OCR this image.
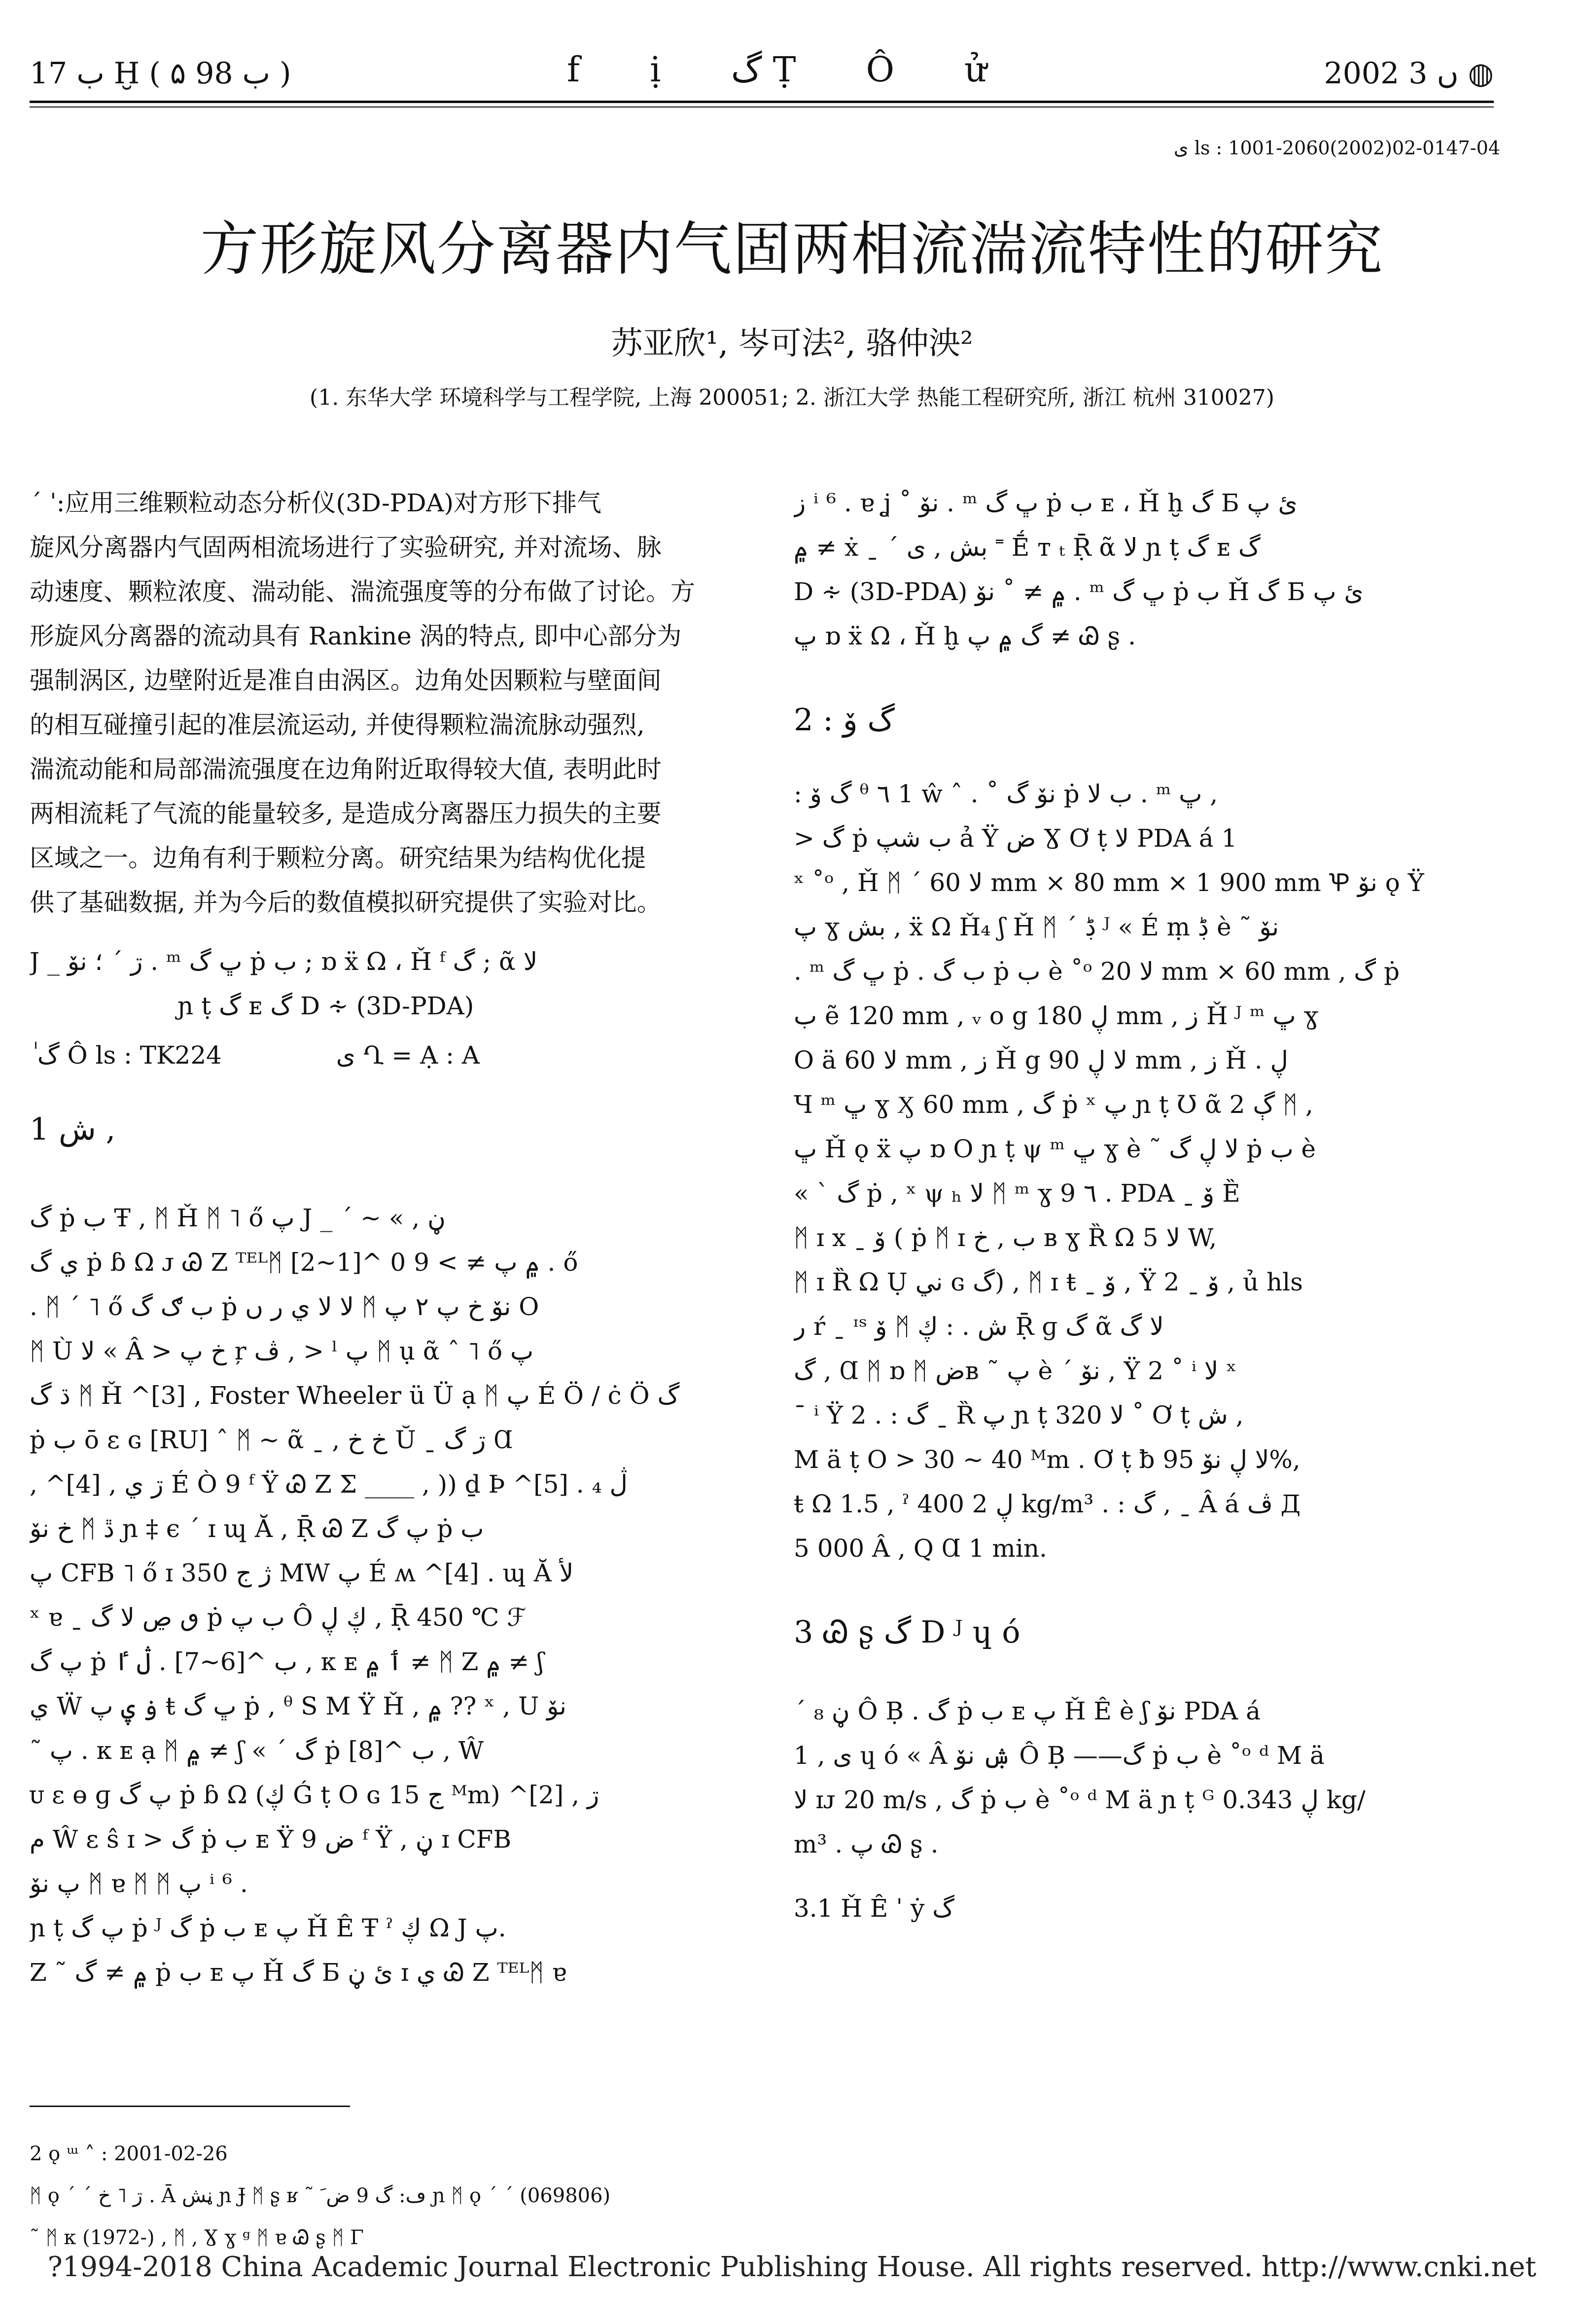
ب 17 Ḫ ( ب 98 ۵ )	f ị گ Ṭ Ô ử	2002 ں 3 ◍
ى ls : 1001-2060(2002)02-0147-04
方形旋风分离器内气固两相流湍流特性的研究
苏亚欣¹, 岑可法², 骆仲泱²
(1. 东华大学 环境科学与工程学院, 上海 200051; 2. 浙江大学 热能工程研究所, 浙江 杭州 310027)

ˊ ˈ:应用三维颗粒动态分析仪(3D-PDA)对方形下排气

旋风分离器内气固两相流场进行了实验研究, 并对流场、脉

动速度、颗粒浓度、湍动能、湍流强度等的分布做了讨论。方

形旋风分离器的流动具有 Rankine 涡的特点, 即中心部分为

强制涡区, 边壁附近是准自由涡区。边角处因颗粒与壁面间

的相互碰撞引起的准层流运动, 并使得颗粒湍流脉动强烈,

湍流动能和局部湍流强度在边角附近取得较大值, 表明此时

两相流耗了气流的能量较多, 是造成分离器压力损失的主要

区域之一。边角有利于颗粒分离。研究结果为结构优化提

供了基础数据, 并为今后的数值模拟研究提供了实验对比。

J _ ڗ ˊ ؛ نۆ . ᵐ ڀ گ ṗ ب ; ɒ ẍ Ω ، Ȟ ᶠ گ ; ᾶ ﻻ
ɲ ṭ گ ᴇ گ D ∻ (3D-PDA)
ٰ گ Ô ls : TK224	ى Ղ = Ạ : A
1 ش ,

گ ṗ ب Ŧ , ᛗ Ȟ ᛗ ˥ ő پ J _ ˊ ~ « , ڼ

ي گ ṗ ɓ Ω ᴊ Ꮚ Z ᵀᴱᴸᛗ ۾ پ ≠ > 9 0 ^[1~2] . ő

. ᛗ ˊ ˥ ő ب ګ گ ṗ ﻻ ﻻ ي ر ں ᛗ نۆ خ پ ۲ پ O

ᛗ Ù ﻻ « Â > خ پ ŗ ڤ , > ˡ پ ᛗ ụ ᾶ ˆ ˥ ő پ

ڌ گ ᛗ Ȟ ^[3] , Foster Wheeler ü Ü ạ ᛗ پ É Ö / ċ Ö گ

ṗ ب ō ɛ ɢ [RU] ˆ ᛗ ~ ᾶ ˍ , خ خ Ŭ ˍ ڗ گ Ɑ

, ^[4] , ڗ ي É Ò 9 ᶠ Ÿ Ꮚ Z Σ ____ , )) ḏ Þ ^[5] . ₄ ڷ

خ نۆ ᛗ ڐ ɲ ‡ ϵ ˊ ɪ ɰ Ă , Ṝ Ꮚ Z پ گ ṗ ب

پ CFB ˥ ő ɪ ژ ج 350 MW پ É ʍ ^[4] . ɰ Ă ﻷ

ˣ ɐ ˍ ٯ ڝ ﻻ گ ṗ ب پ Ô ڮ ڸ , Ṝ 450 ℃ ℱ

پ گ ṗ ب ^[6~7] . ڷ ٵ , ᴋ ᴇ ٲ ۾ ≠ ᛗ Z ۾ ≠ ʃ

ي Ẅ ۏ ۑ پ ŧ ڀ گ ṗ , ᶿ S M Ÿ Ȟ , ۾ ?? ˣ , U نۆ

˜ پ . ᴋ ᴇ ạ ᛗ ۾ ≠ ʃ « ˊ گ ṗ ب ^[8] , Ŵ

ᴜ ɛ ɵ ɡ پ گ ṗ ɓ Ω (ڮ Ǵ ṭ O ɢ ج 15 ᴹm) ^[2] , ڗ

ﻡ Ŵ ɛ ŝ ɪ > گ ṗ ب ᴇ Ÿ ض 9 ᶠ Ÿ , ڼ ɪ CFB

پ نۆ ᛗ ɐ ᛗ ᛗ پ ⁱ ⁶ .

ɲ ṭ پ گ ṗ ᴶ گ ṗ ب ᴇ پ Ȟ Ê Ŧ ˀ ڮ Ω J پ.

Z ˜ ۾ ≠ گ ṗ ب ᴇ پ Ȟ گ Ƃ ئ ڼ ɪ ي Ꮚ Z ᵀᴱᴸᛗ ɐ

ز ⁱ ⁶ . ɐ ʝ ˚ نۆ . ᵐ ڀ گ ṗ ب ᴇ ، Ȟ ḫ گ Ƃ ئ پ

۾ ≠ ẋ ˍ ˊ بش , ى ˭ Ḗ ᴛ ₜ Ṝ ᾶ ﻻ ɲ ṭ گ ᴇ گ

D ∻ (3D-PDA) ۾ ≠ ˚ نۆ . ᵐ ڀ گ ṗ ب Ȟ گ Ƃ ئ پ

ڀ ɒ ẍ Ω ، Ȟ ḫ گ ۾ پ ≠ Ꮚ ʂ .

2 : گ ۆ

: گ ۆ ᶿ ٦ 1 ŵ ˆ . ˚ نۆ گ ṗ ب ﻻ . ᵐ ڀ ,

> گ ṗ ب شپ ả Ÿ ض Ɣ Ơ ṭ ﻻ PDA á 1

ˣ ˚ᵒ , Ȟ ᛗ ˊ ﻻ 60 mm × 80 mm × 1 900 mm Ꝕ نۆ ǫ Ÿ

پ ɣ بش , ẍ Ω Ȟ₄ ʃ Ȟ ᛗ ˊ ڋ ᴶ « É ṃ ڋ è ˜ نۆ

. ᵐ ڀ گ ṗ . ب گ ṗ ب è ˚ᵒ ﻻ 20 mm × 60 mm , گ ṗ

ب ẽ 120 mm , ᵥ o g ڸ 180 mm , ز Ȟ ᴶ ᵐ ڀ ɣ

O ä ﻻ 60 mm , ز Ȟ g ﻻ ڸ 90 mm , ز Ȟ . ڸ

Ɥ ᵐ ڀ ɣ Ӽ 60 mm , گ ṗ ˣ پ ɲ ṭ Ʊ ᾶ ڳ 2 ᛗ ,

ڀ Ȟ ǫ ẍ پ ɒ O ɲ ṭ ψ ᵐ ڀ ɣ è ˜ ﻻ ڸ گ ṗ ب è

« ˋ گ ṗ , ˣ ψ ₕ ﻻ ᛗ ᵐ ɣ 9 ٦ . PDA ˍ ۆ Ȅ

ᛗ ɪ x ˍ ۆ ( ṗ ᛗ ɪ ب , خ ʙ ɣ Ȑ Ω ﻻ 5 W,

ᛗ ɪ Ȑ Ω Ụ ني ɢ گ) , ᛗ ɪ ŧ ˍ ۆ , Ÿ 2 ˍ ۆ , ủ hls

ر ŕ ˍ ᶦˢ ۆ ᛗ ش . : ڮ Ṝ ɡ گ ᾶ ﻻ گ

گ , Ɑ ᛗ ɒ ᛗ ضʙ ˜ پ è ˊ نۆ , Ÿ 2 ˚ ⁱ ﻻ ˣ

ˉ ⁱ Ÿ 2 . : گ ˍ Ȑ پ ɲ ṭ ﻻ 320 ˚ Ơ ṭ ش ,

M ä ṭ O > 30 ~ 40 ᴹm . Ơ ṭ ƀ ﻻ ڸ نۆ 95%,

ŧ Ω 1.5 , ˀ ڸ 2 400 kg/m³ . : گ , ˍ Â á ڤ Д

5 000 Â , Q Ɑ 1 min.

3 Ꮚ ʂ گ D ᴶ ɥ ó

ˊ ڼ ₈ Ô Ḅ . گ ṗ ب ᴇ پ Ȟ Ê è ʃ نۆ PDA á

1 , ى ɥ ó « Â ۺ نۆ Ô Ḅ ——گ ṗ ب è ˚ᵒ ᵈ M ä

ﻻ ɪᴊ 20 m/s , گ ṗ ب è ˚ᵒ ᵈ M ä ɲ ṭ ᴳ ڸ 0.343 kg/

m³ . پ Ꮚ ʂ .

3.1 Ȟ Ê ˈ ẏ گ
2 ǫ ᵚ ˄ : 2001-02-26
ᛗ ǫ ˊ ˊ ڗ ˥ خ . Ā ڼش ɲ Ɉ ᛗ ʂ ʁ ˜ ڡ: گ 9 ضﹶ ɲ ᛗ ǫ ˊ ˊ (069806)
˜ ᛗ ᴋ (1972-) , ᛗ , Ɣ ɣ ᵍ ᛗ ɐ Ꮚ ʂ ᛗ Γ
?1994-2018 China Academic Journal Electronic Publishing House. All rights reserved. http://www.cnki.net
